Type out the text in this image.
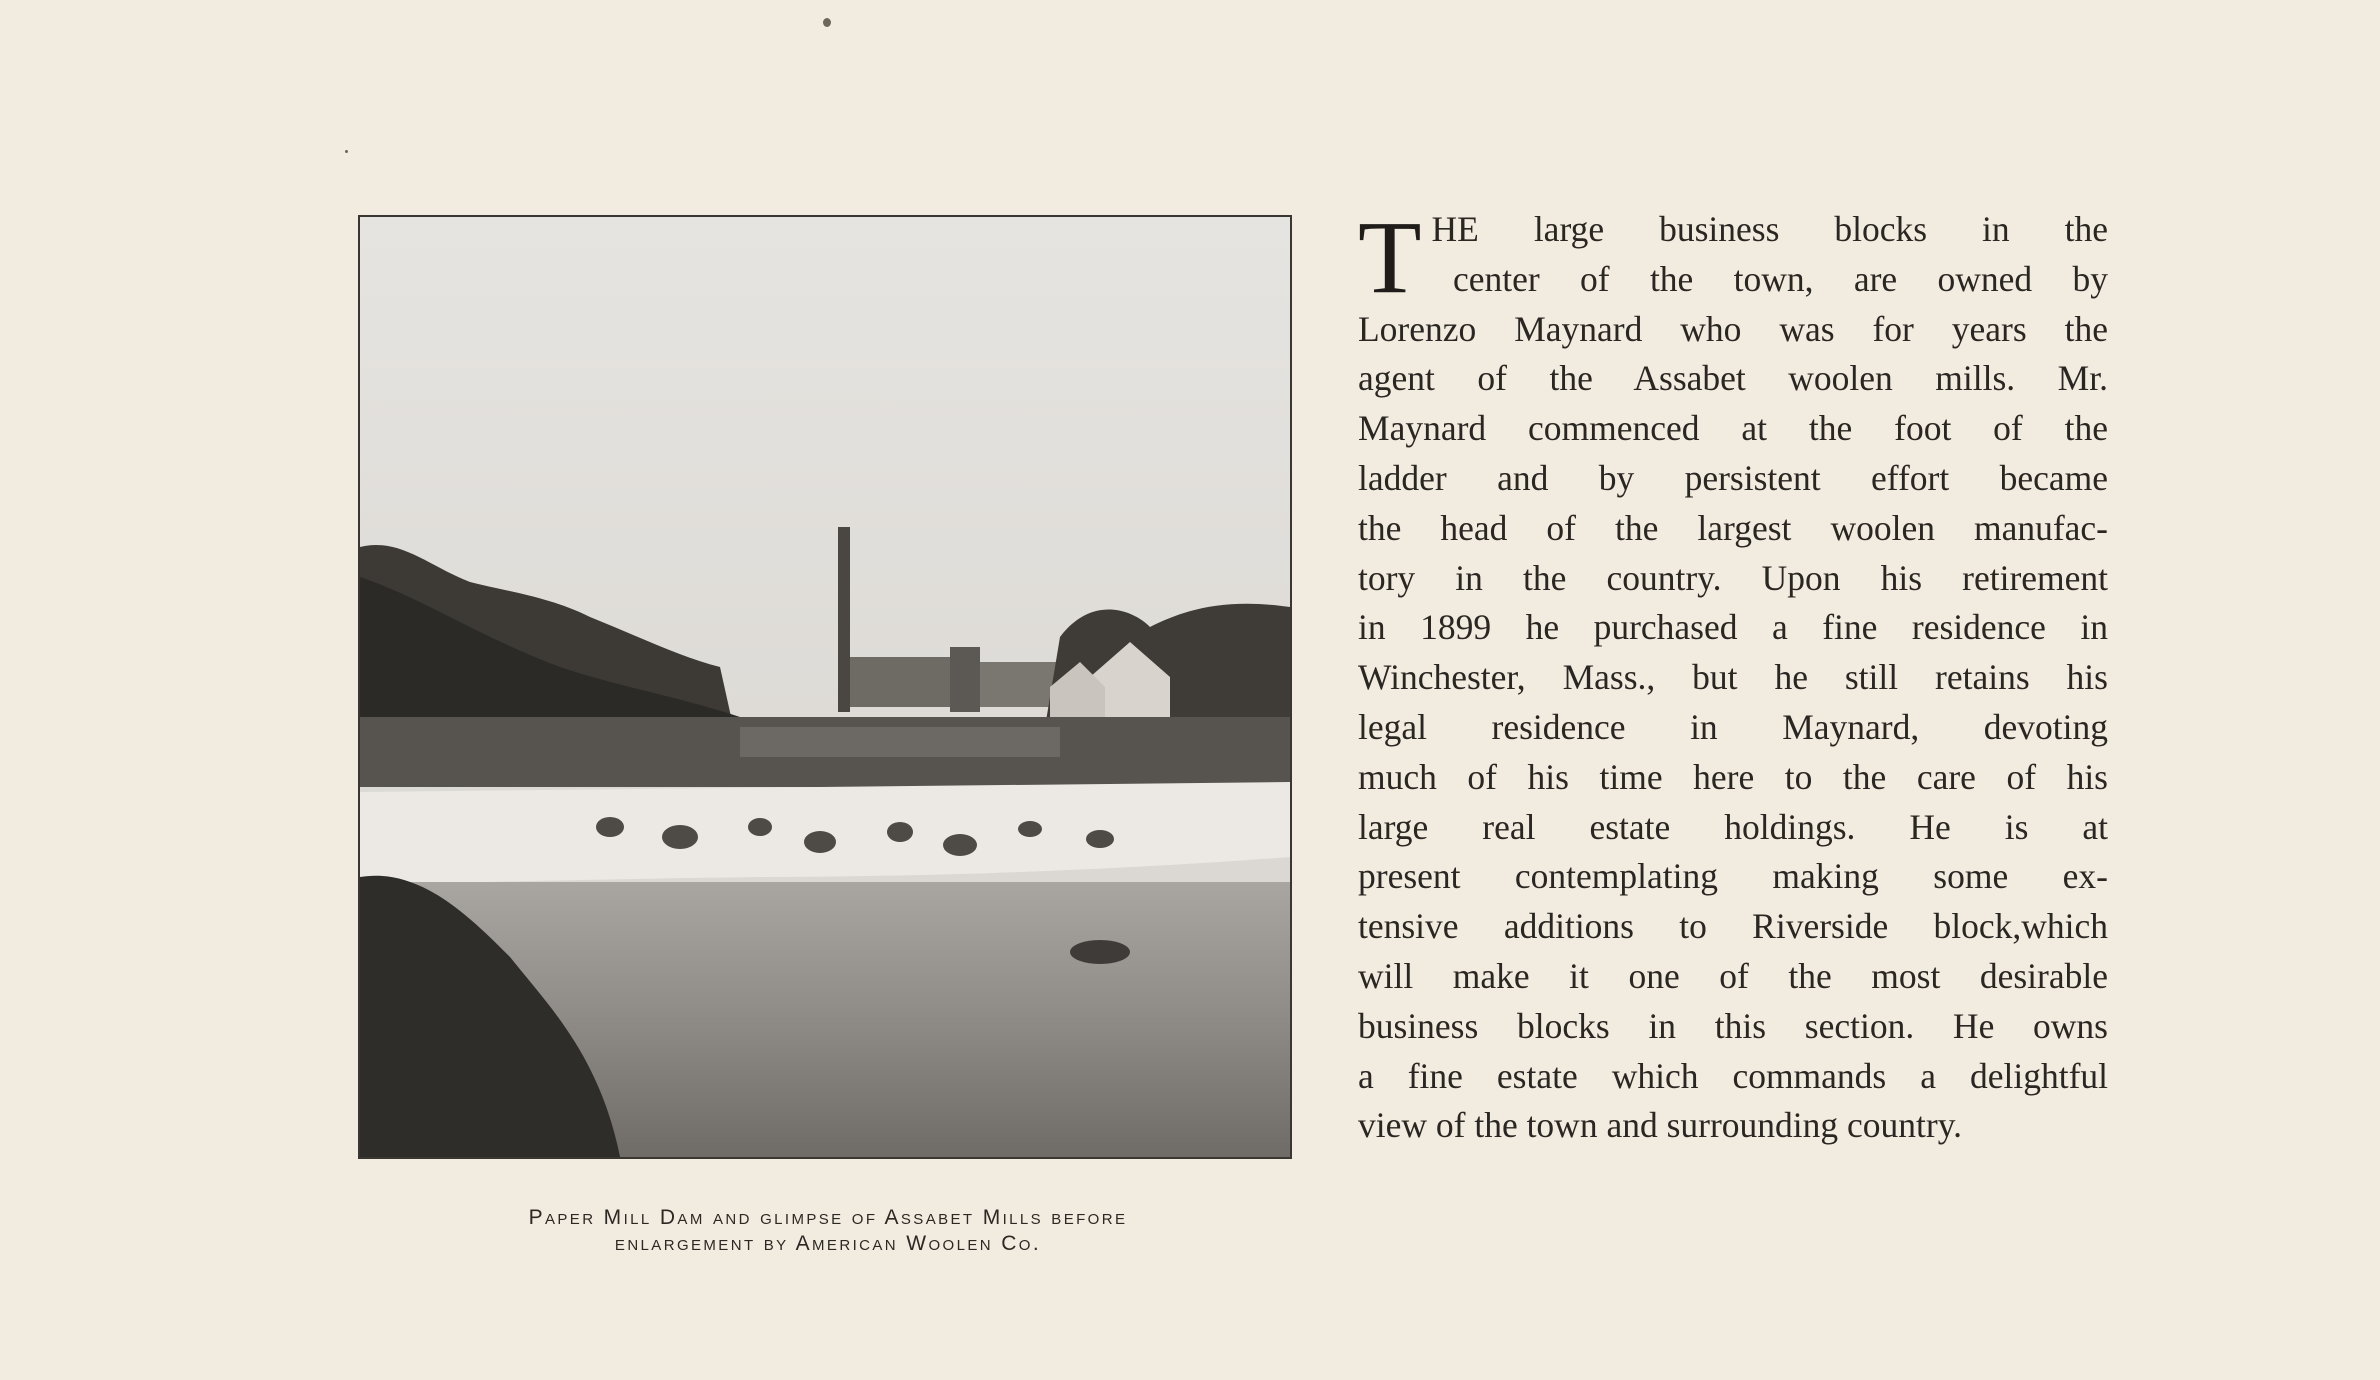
Paper Mill Dam and glimpse of Assabet Mills before
enlargement by American Woolen Co.
T HE large business blocks in the
center of the town, are owned by
Lorenzo Maynard who was for years the
agent of the Assabet woolen mills. Mr.
Maynard commenced at the foot of the
ladder and by persistent effort became
the head of the largest woolen manufac-
tory in the country. Upon his retirement
in 1899 he purchased a fine residence in
Winchester, Mass., but he still retains his
legal residence in Maynard, devoting
much of his time here to the care of his
large real estate holdings. He is at
present contemplating making some ex-
tensive additions to Riverside block,which
will make it one of the most desirable
business blocks in this section. He owns
a fine estate which commands a delightful
view of the town and surrounding country.
